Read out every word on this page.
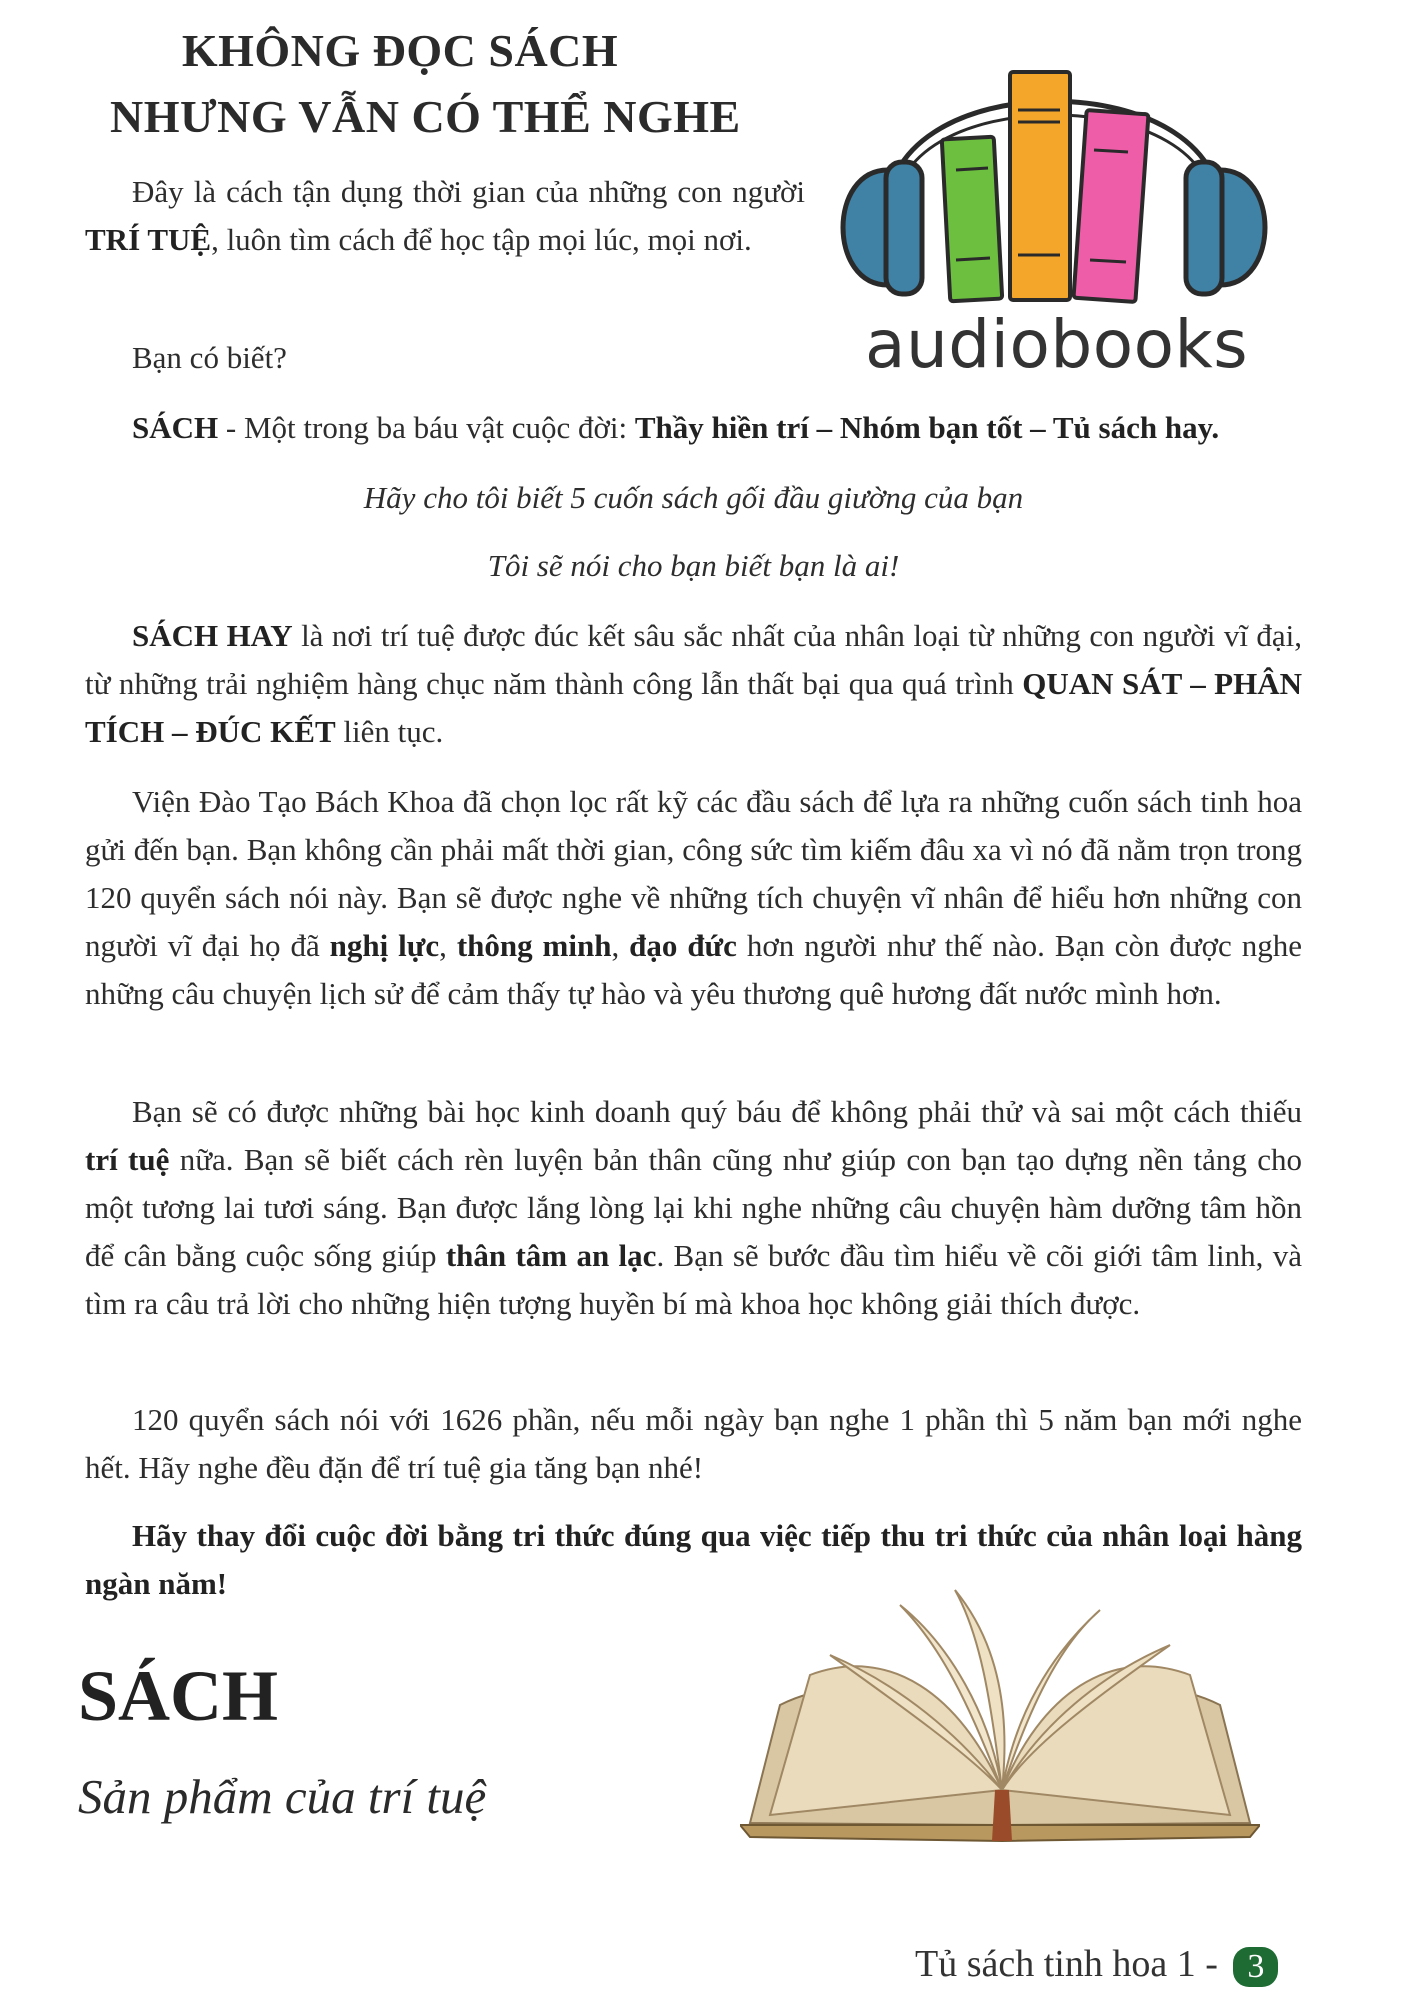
KHÔNG ĐỌC SÁCH
NHƯNG VẪN CÓ THỂ NGHE
Đây là cách tận dụng thời gian của những con người TRÍ TUỆ, luôn tìm cách để học tập mọi lúc, mọi nơi.
Bạn có biết?	audiobooks
SÁCH - Một trong ba báu vật cuộc đời: Thầy hiền trí – Nhóm bạn tốt – Tủ sách hay.
Hãy cho tôi biết 5 cuốn sách gối đầu giường của bạn
Tôi sẽ nói cho bạn biết bạn là ai!
SÁCH HAY là nơi trí tuệ được đúc kết sâu sắc nhất của nhân loại từ những con người vĩ đại, từ những trải nghiệm hàng chục năm thành công lẫn thất bại qua quá trình QUAN SÁT – PHÂN TÍCH – ĐÚC KẾT liên tục.
Viện Đào Tạo Bách Khoa đã chọn lọc rất kỹ các đầu sách để lựa ra những cuốn sách tinh hoa gửi đến bạn. Bạn không cần phải mất thời gian, công sức tìm kiếm đâu xa vì nó đã nằm trọn trong 120 quyển sách nói này. Bạn sẽ được nghe về những tích chuyện vĩ nhân để hiểu hơn những con người vĩ đại họ đã nghị lực, thông minh, đạo đức hơn người như thế nào. Bạn còn được nghe những câu chuyện lịch sử để cảm thấy tự hào và yêu thương quê hương đất nước mình hơn.
Bạn sẽ có được những bài học kinh doanh quý báu để không phải thử và sai một cách thiếu trí tuệ nữa. Bạn sẽ biết cách rèn luyện bản thân cũng như giúp con bạn tạo dựng nền tảng cho một tương lai tươi sáng. Bạn được lắng lòng lại khi nghe những câu chuyện hàm dưỡng tâm hồn để cân bằng cuộc sống giúp thân tâm an lạc. Bạn sẽ bước đầu tìm hiểu về cõi giới tâm linh, và tìm ra câu trả lời cho những hiện tượng huyền bí mà khoa học không giải thích được.
120 quyển sách nói với 1626 phần, nếu mỗi ngày bạn nghe 1 phần thì 5 năm bạn mới nghe hết. Hãy nghe đều đặn để trí tuệ gia tăng bạn nhé!
Hãy thay đổi cuộc đời bằng tri thức đúng qua việc tiếp thu tri thức của nhân loại hàng ngàn năm!
SÁCH
Sản phẩm của trí tuệ
Tủ sách tinh hoa 1 - 3
